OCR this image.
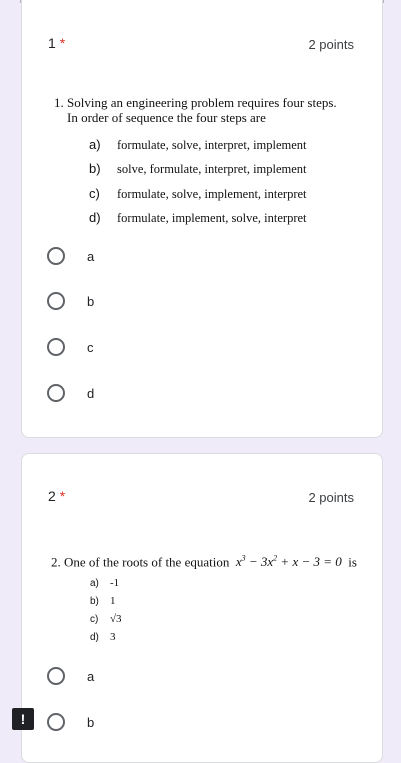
1 *	2 points
1. Solving an engineering problem requires four steps.
In order of sequence the four steps are
a) formulate, solve, interpret, implement
b) solve, formulate, interpret, implement
c) formulate, solve, implement, interpret
d) formulate, implement, solve, interpret
a
b
c
d
2 *	2 points
2. One of the roots of the equation  $x^3 - 3x^2 + x - 3 = 0$  is
a) -1
b) 1
c) √3
d) 3
a
b
!
